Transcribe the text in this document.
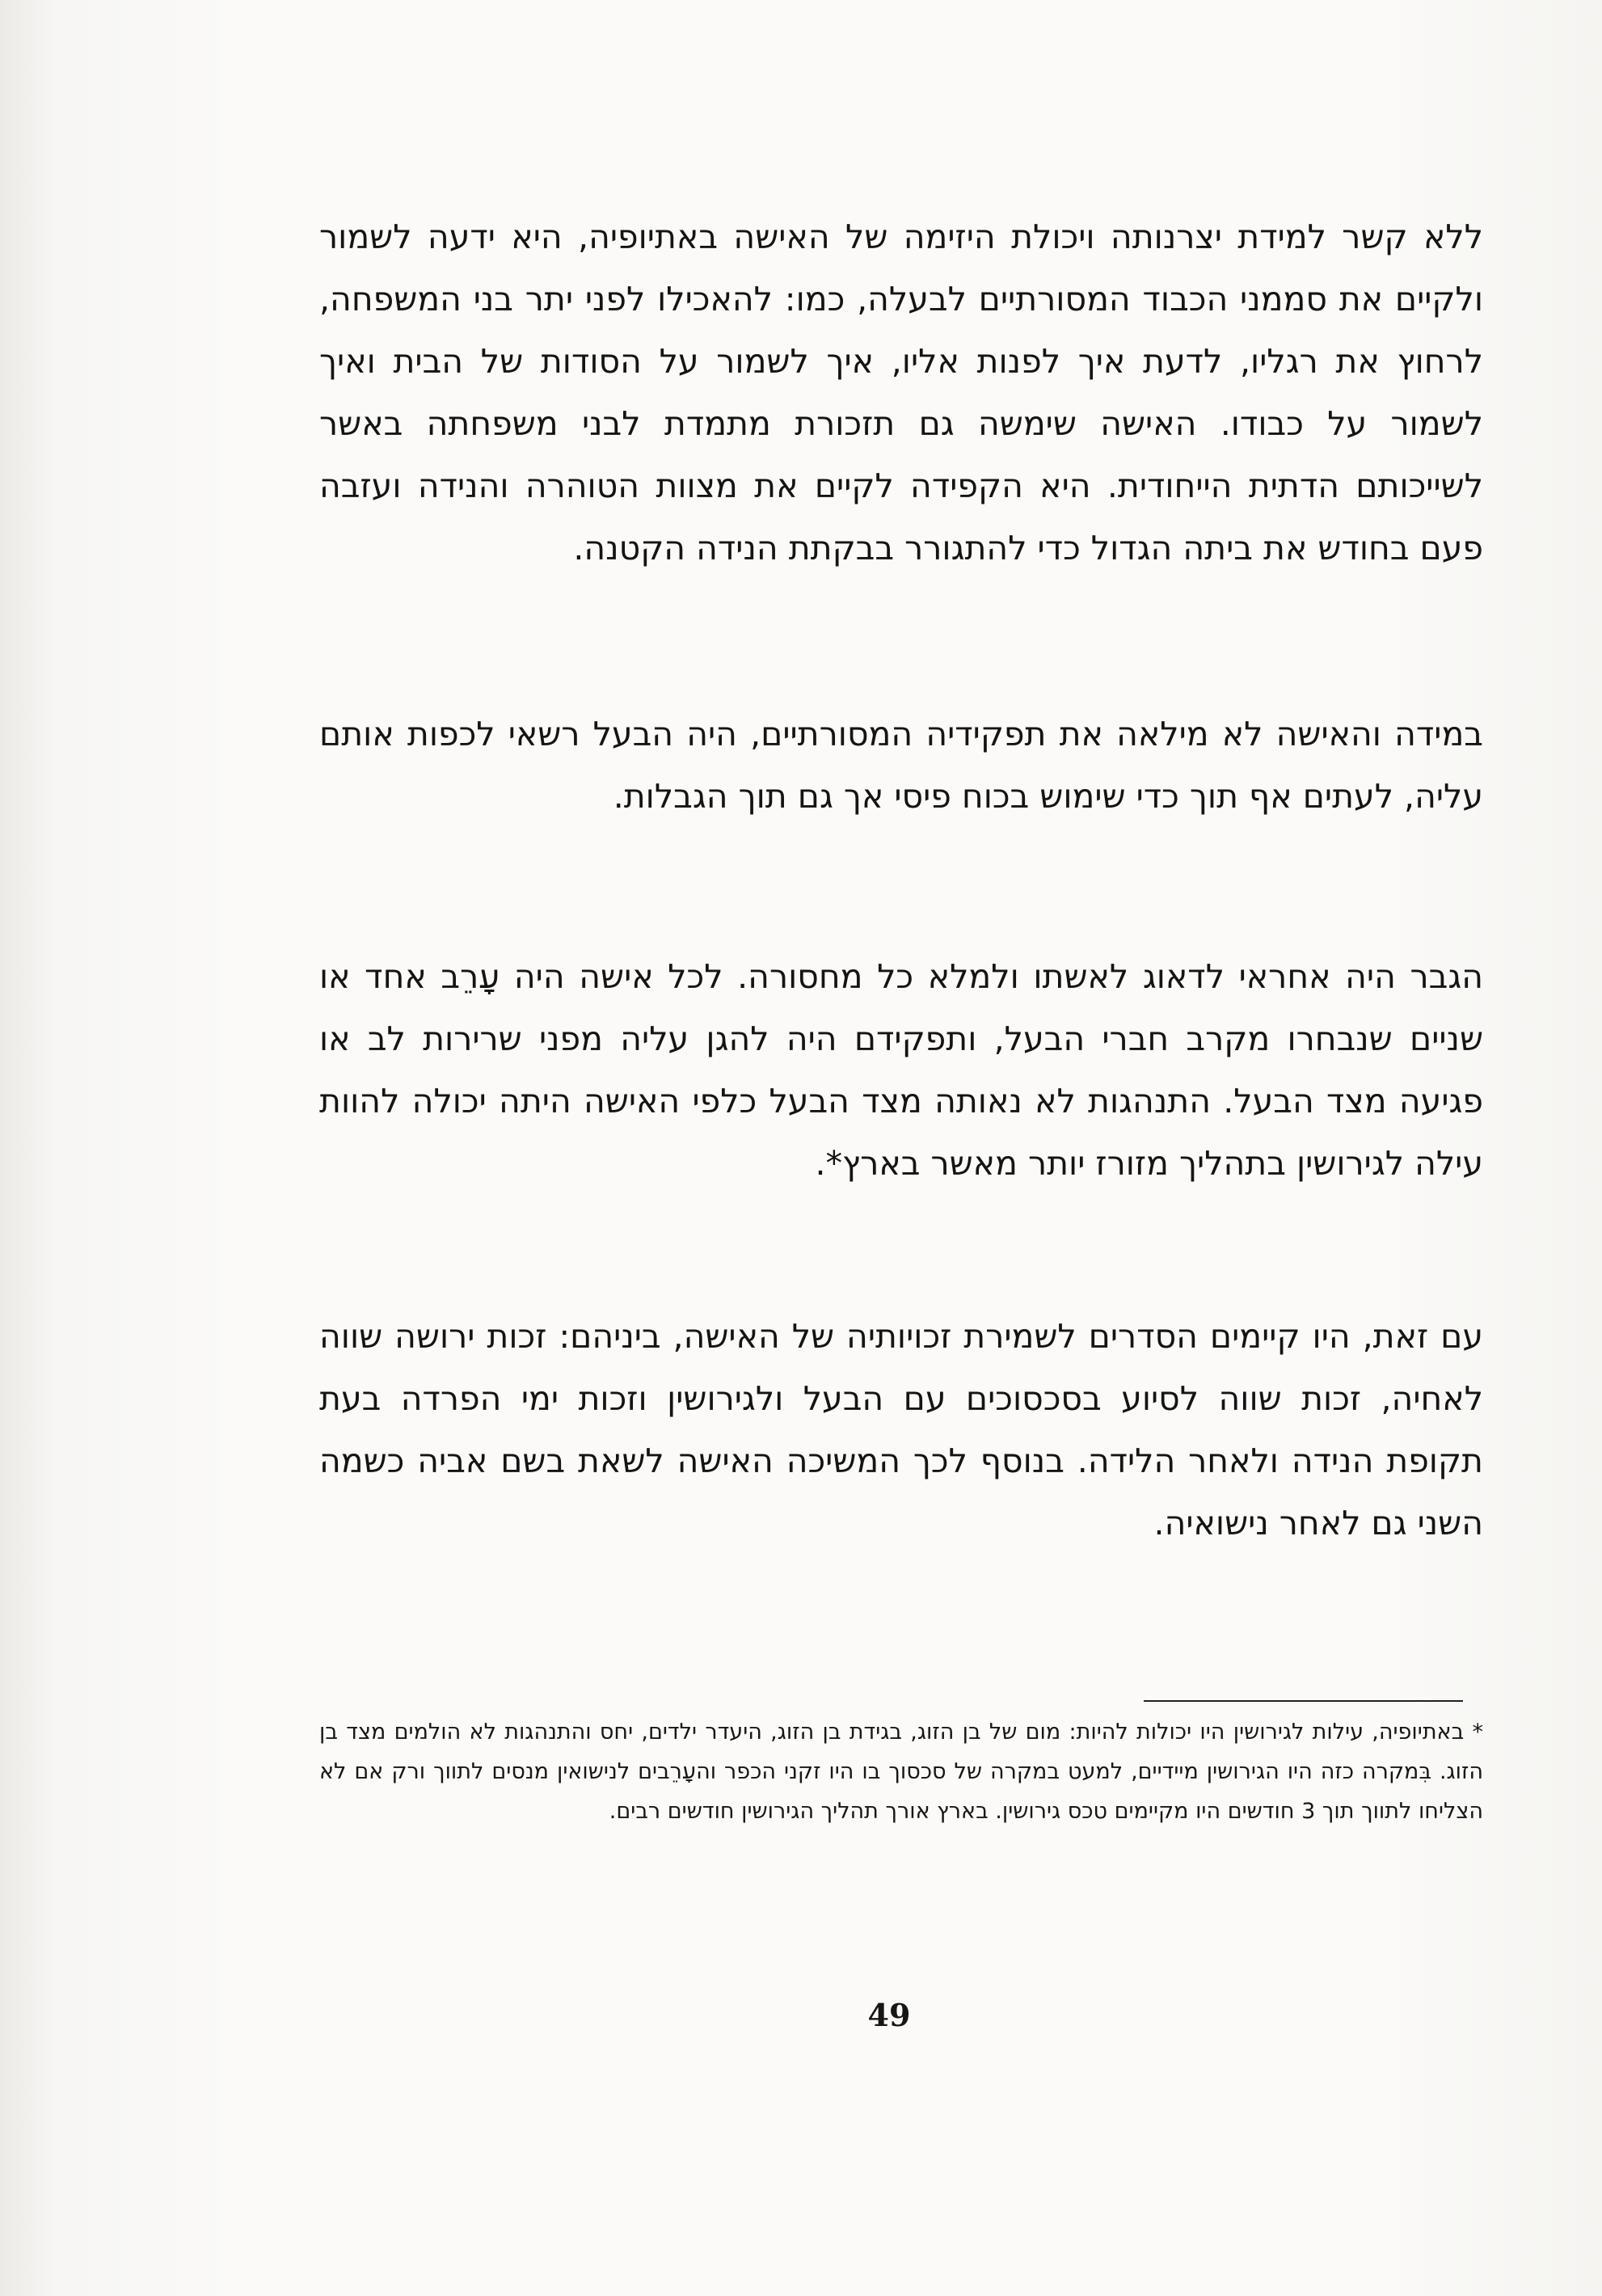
ללא קשר למידת יצרנותה ויכולת היזימה של האישה באתיופיה, היא ידעה לשמור ולקיים את סממני הכבוד המסורתיים לבעלה, כמו: להאכילו לפני יתר בני המשפחה, לרחוץ את רגליו, לדעת איך לפנות אליו, איך לשמור על הסודות של הבית ואיך לשמור על כבודו. האישה שימשה גם תזכורת מתמדת לבני משפחתה באשר לשייכותם הדתית הייחודית. היא הקפידה לקיים את מצוות הטוהרה והנידה ועזבה פעם בחודש את ביתה הגדול כדי להתגורר בבקתת הנידה הקטנה.

במידה והאישה לא מילאה את תפקידיה המסורתיים, היה הבעל רשאי לכפות אותם עליה, לעתים אף תוך כדי שימוש בכוח פיסי אך גם תוך הגבלות.

הגבר היה אחראי לדאוג לאשתו ולמלא כל מחסורה. לכל אישה היה עָרֵב אחד או שניים שנבחרו מקרב חברי הבעל, ותפקידם היה להגן עליה מפני שרירות לב או פגיעה מצד הבעל. התנהגות לא נאותה מצד הבעל כלפי האישה היתה יכולה להוות עילה לגירושין בתהליך מזורז יותר מאשר בארץ*.

עם זאת, היו קיימים הסדרים לשמירת זכויותיה של האישה, ביניהם: זכות ירושה שווה לאחיה, זכות שווה לסיוע בסכסוכים עם הבעל ולגירושין וזכות ימי הפרדה בעת תקופת הנידה ולאחר הלידה. בנוסף לכך המשיכה האישה לשאת בשם אביה כשמה השני גם לאחר נישואיה.

* באתיופיה, עילות לגירושין היו יכולות להיות: מום של בן הזוג, בגידת בן הזוג, היעדר ילדים, יחס והתנהגות לא הולמים מצד בן הזוג. בִּמקרה כזה היו הגירושין מיידיים, למעט במקרה של סכסוך בו היו זקני הכפר והעָרֵבים לנישואין מנסים לתווך ורק אם לא הצליחו לתווך תוך 3 חודשים היו מקיימים טכס גירושין. בארץ אורך תהליך הגירושין חודשים רבים.

49
